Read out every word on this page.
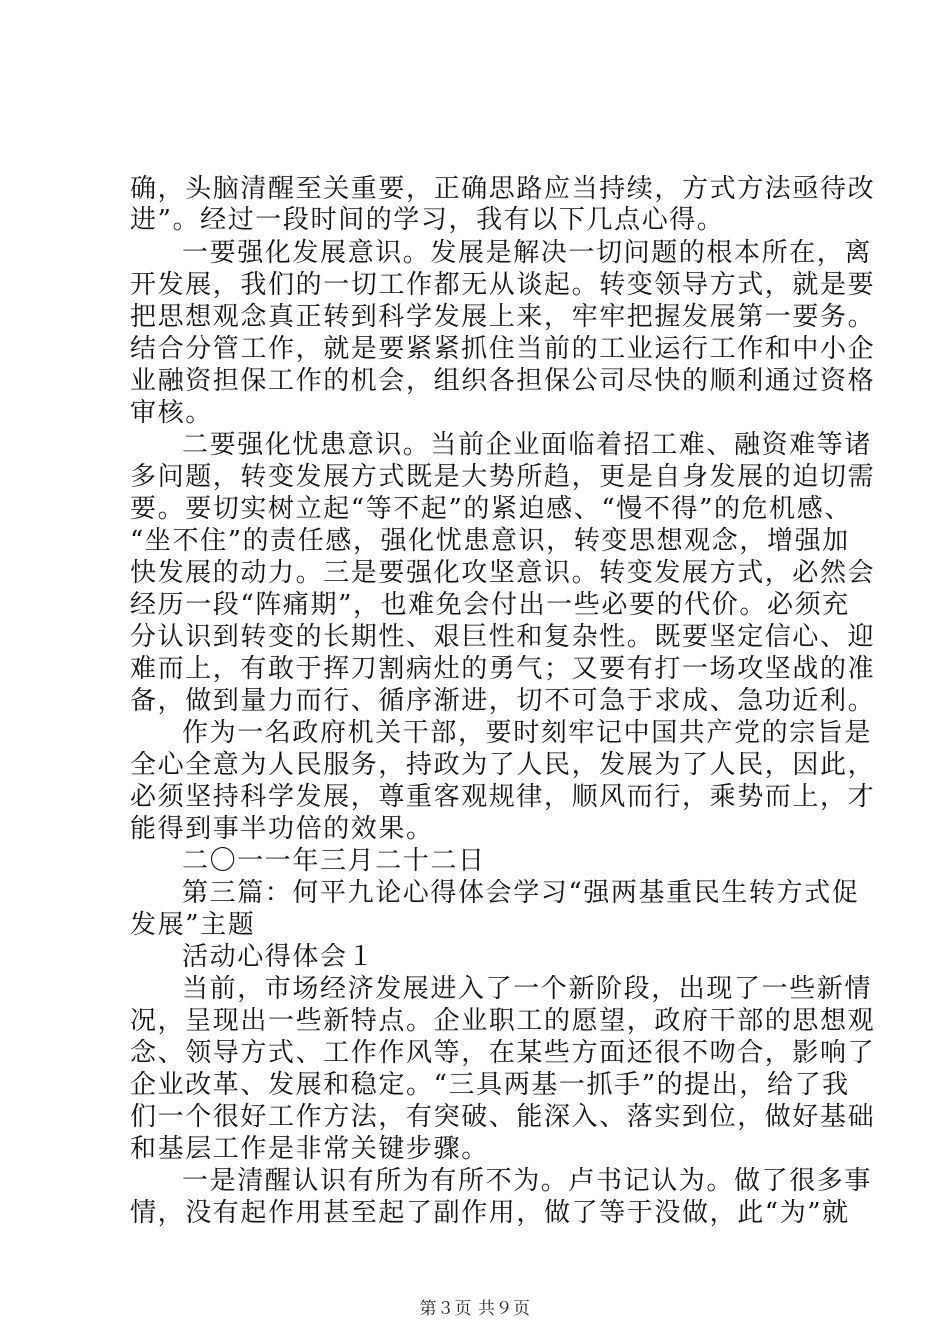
确，头脑清醒至关重要，正确思路应当持续，方式方法亟待改
进”。经过一段时间的学习，我有以下几点心得。
一要强化发展意识。发展是解决一切问题的根本所在，离
开发展，我们的一切工作都无从谈起。转变领导方式，就是要
把思想观念真正转到科学发展上来，牢牢把握发展第一要务。
结合分管工作，就是要紧紧抓住当前的工业运行工作和中小企
业融资担保工作的机会，组织各担保公司尽快的顺利通过资格
审核。
二要强化忧患意识。当前企业面临着招工难、融资难等诸
多问题，转变发展方式既是大势所趋，更是自身发展的迫切需
要。要切实树立起“等不起”的紧迫感、“慢不得”的危机感、
“坐不住”的责任感，强化忧患意识，转变思想观念，增强加
快发展的动力。三是要强化攻坚意识。转变发展方式，必然会
经历一段“阵痛期”，也难免会付出一些必要的代价。必须充
分认识到转变的长期性、艰巨性和复杂性。既要坚定信心、迎
难而上，有敢于挥刀割病灶的勇气；又要有打一场攻坚战的准
备，做到量力而行、循序渐进，切不可急于求成、急功近利。
作为一名政府机关干部，要时刻牢记中国共产党的宗旨是
全心全意为人民服务，持政为了人民，发展为了人民，因此，
必须坚持科学发展，尊重客观规律，顺风而行，乘势而上，才
能得到事半功倍的效果。
二〇一一年三月二十二日
第三篇：何平九论心得体会学习“强两基重民生转方式促
发展”主题
活动心得体会１
当前，市场经济发展进入了一个新阶段，出现了一些新情
况，呈现出一些新特点。企业职工的愿望，政府干部的思想观
念、领导方式、工作作风等，在某些方面还很不吻合，影响了
企业改革、发展和稳定。“三具两基一抓手”的提出，给了我
们一个很好工作方法，有突破、能深入、落实到位，做好基础
和基层工作是非常关键步骤。
一是清醒认识有所为有所不为。卢书记认为。做了很多事
情，没有起作用甚至起了副作用，做了等于没做，此“为”就
第３页 共９页
